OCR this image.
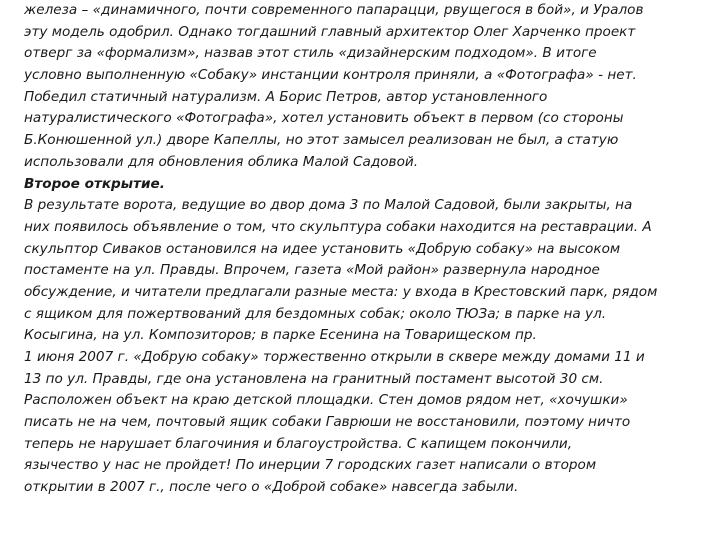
железа – «динамичного, почти современного папарацци, рвущегося в бой», и Уралов
эту модель одобрил. Однако тогдашний главный архитектор Олег Харченко проект
отверг за «формализм», назвав этот стиль «дизайнерским подходом». В итоге
условно выполненную «Собаку» инстанции контроля приняли, а «Фотографа» - нет.
Победил статичный натурализм. А Борис Петров, автор установленного
натуралистического «Фотографа», хотел установить объект в первом (со стороны
Б.Конюшенной ул.) дворе Капеллы, но этот замысел реализован не был, а статую
использовали для обновления облика Малой Садовой.
Второе открытие.
В результате ворота, ведущие во двор дома 3 по Малой Садовой, были закрыты, на
них появилось объявление о том, что скульптура собаки находится на реставрации. А
скульптор Сиваков остановился на идее установить «Добрую собаку» на высоком
постаменте на ул. Правды. Впрочем, газета «Мой район» развернула народное
обсуждение, и читатели предлагали разные места: у входа в Крестовский парк, рядом
с ящиком для пожертвований для бездомных собак; около ТЮЗа; в парке на ул.
Косыгина, на ул. Композиторов; в парке Есенина на Товарищеском пр.
1 июня 2007 г. «Добрую собаку» торжественно открыли в сквере между домами 11 и
13 по ул. Правды, где она установлена на гранитный постамент высотой 30 см.
Расположен объект на краю детской площадки. Стен домов рядом нет, «хочушки»
писать не на чем, почтовый ящик собаки Гаврюши не восстановили, поэтому ничто
теперь не нарушает благочиния и благоустройства. С капищем покончили,
язычество у нас не пройдет! По инерции 7 городских газет написали о втором
открытии в 2007 г., после чего о «Доброй собаке» навсегда забыли.
